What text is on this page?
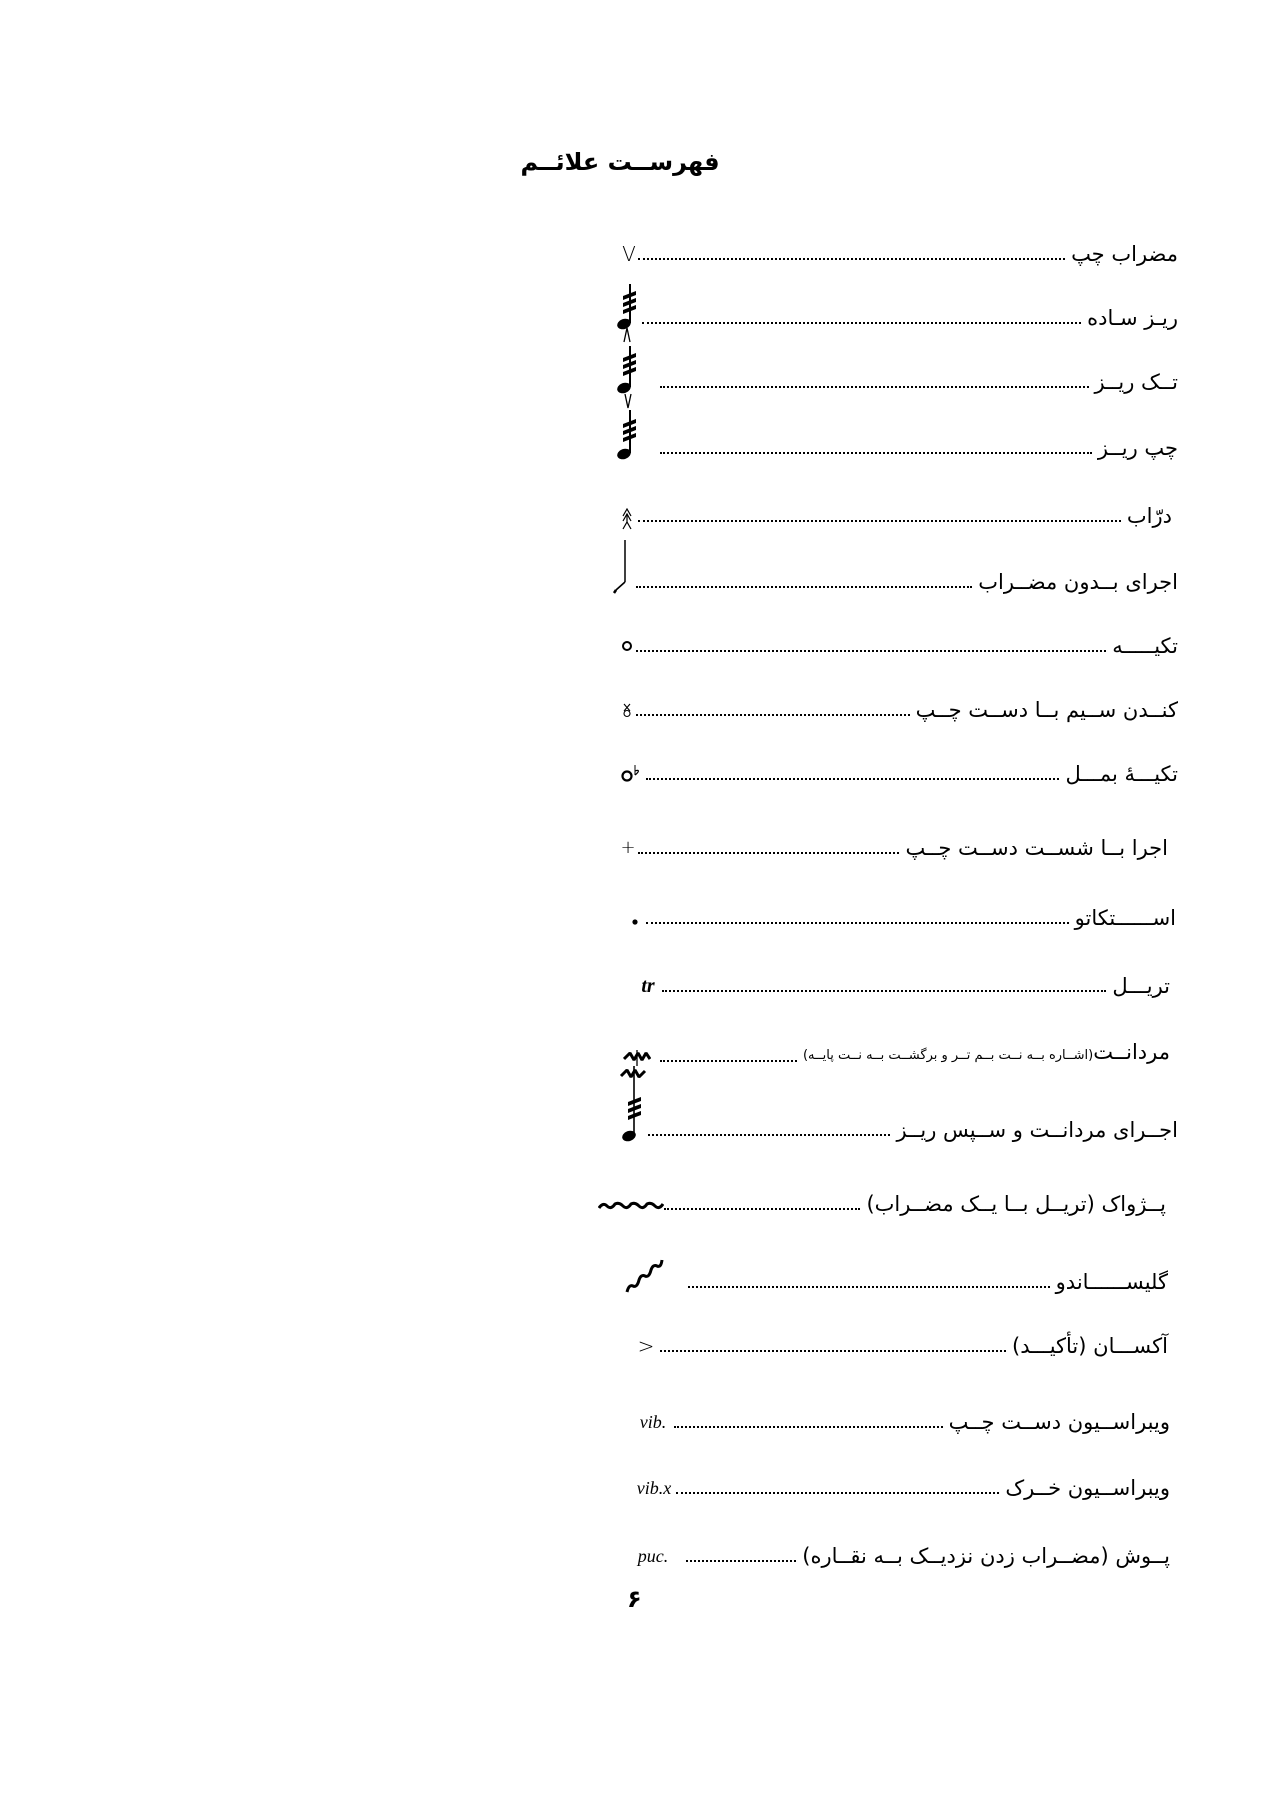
فهرســت علائــم
مضراب چپ
V
ریـز سـاده
تــک ریــز
چپ ریــز
درّاب
اجرای بــدون مضــراب
تکیـــــه
کنــدن ســیم بــا دســت چــپ
تکیـــۀ بمـــل
اجرا بــا شســت دســت چــپ
+
اســــــتکاتو
تریـــل
tr
مردانــت(اشــاره بــه نــت بــم تــر و برگشــت بــه نــت پایــه)
اجــرای مردانــت و ســپس ریــز
پــژواک (تریــل بــا یــک مضــراب)
گلیســــــاندو
آکســـان (تأکیـــد)
>
ویبراســیون دســت چــپ
vib.
ویبراســیون خــرک
vib.x
پــوش (مضــراب زدن نزدیــک بــه نقــاره)
puc.
۶
